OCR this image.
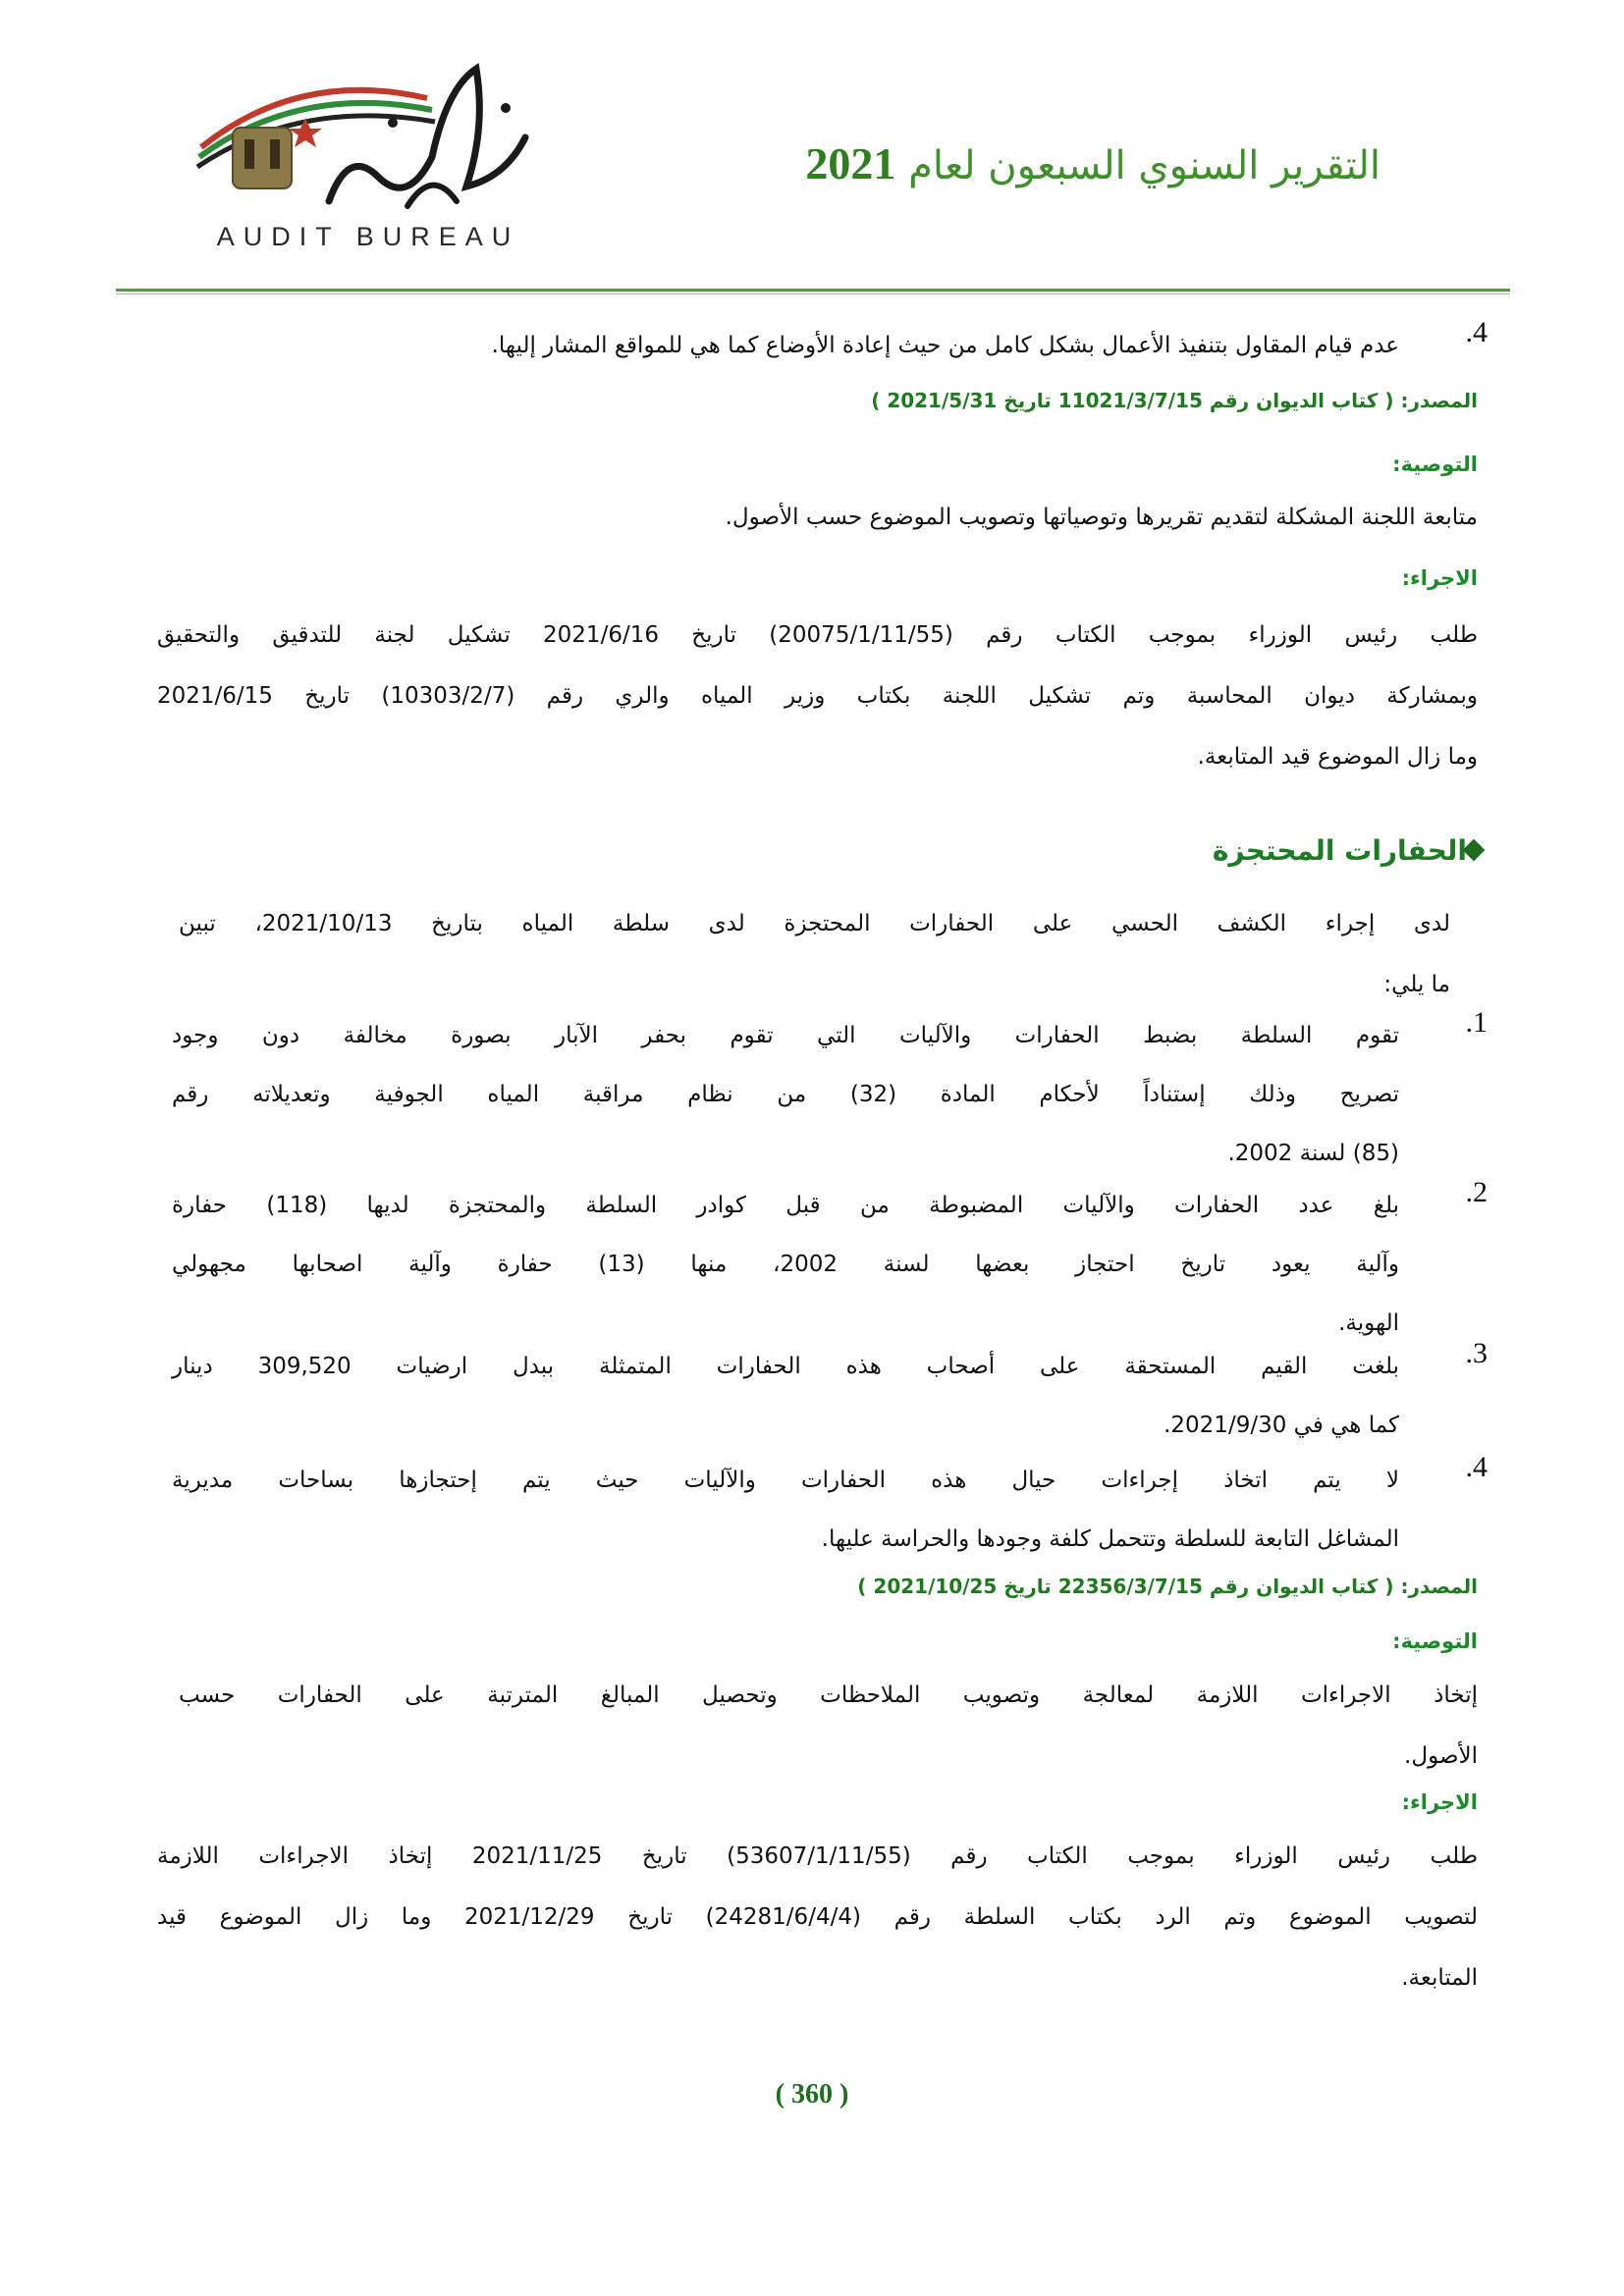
AUDIT BUREAU
التقرير السنوي السبعون لعام 2021
.4
عدم قيام المقاول بتنفيذ الأعمال بشكل كامل من حيث إعادة الأوضاع كما هي للمواقع المشار إليها.
المصدر: ( كتاب الديوان رقم 11021/3/7/15 تاريخ 2021/5/31 )
التوصية:
متابعة اللجنة المشكلة لتقديم تقريرها وتوصياتها وتصويب الموضوع حسب الأصول.
الاجراء:
طلب رئيس الوزراء بموجب الكتاب رقم (20075/1/11/55) تاريخ 2021/6/16 تشكيل لجنة للتدقيق والتحقيق
وبمشاركة ديوان المحاسبة وتم تشكيل اللجنة بكتاب وزير المياه والري رقم (10303/2/7) تاريخ 2021/6/15
وما زال الموضوع قيد المتابعة.
الحفارات المحتجزة
لدى إجراء الكشف الحسي على الحفارات المحتجزة لدى سلطة المياه بتاريخ 2021/10/13، تبين
ما يلي:
.1
تقوم السلطة بضبط الحفارات والآليات التي تقوم بحفر الآبار بصورة مخالفة دون وجود
تصريح وذلك إستناداً لأحكام المادة (32) من نظام مراقبة المياه الجوفية وتعديلاته رقم
(85) لسنة 2002.
.2
بلغ عدد الحفارات والآليات المضبوطة من قبل كوادر السلطة والمحتجزة لديها (118) حفارة
وآلية يعود تاريخ احتجاز بعضها لسنة 2002، منها (13) حفارة وآلية اصحابها مجهولي
الهوية.
.3
بلغت القيم المستحقة على أصحاب هذه الحفارات المتمثلة ببدل ارضيات 309,520 دينار
كما هي في 2021/9/30.
.4
لا يتم اتخاذ إجراءات حيال هذه الحفارات والآليات حيث يتم إحتجازها بساحات مديرية
المشاغل التابعة للسلطة وتتحمل كلفة وجودها والحراسة عليها.
المصدر: ( كتاب الديوان رقم 22356/3/7/15 تاريخ 2021/10/25 )
التوصية:
إتخاذ الاجراءات اللازمة لمعالجة وتصويب الملاحظات وتحصيل المبالغ المترتبة على الحفارات حسب
الأصول.
الاجراء:
طلب رئيس الوزراء بموجب الكتاب رقم (53607/1/11/55) تاريخ 2021/11/25 إتخاذ الاجراءات اللازمة
لتصويب الموضوع وتم الرد بكتاب السلطة رقم (24281/6/4/4) تاريخ 2021/12/29 وما زال الموضوع قيد
المتابعة.
( 360 )
